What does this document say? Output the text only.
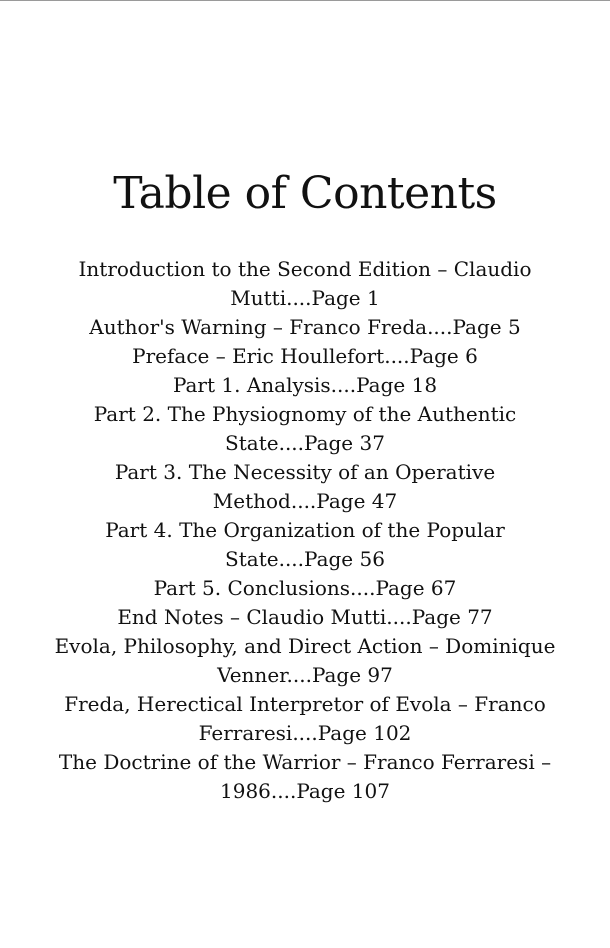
Table of Contents
Introduction to the Second Edition – Claudio Mutti....Page 1
Author's Warning – Franco Freda....Page 5
Preface – Eric Houllefort....Page 6
Part 1. Analysis....Page 18
Part 2. The Physiognomy of the Authentic State....Page 37
Part 3. The Necessity of an Operative Method....Page 47
Part 4. The Organization of the Popular State....Page 56
Part 5. Conclusions....Page 67
End Notes – Claudio Mutti....Page 77
Evola, Philosophy, and Direct Action – Dominique Venner....Page 97
Freda, Herectical Interpretor of Evola – Franco Ferraresi....Page 102
The Doctrine of the Warrior – Franco Ferraresi – 1986....Page 107
